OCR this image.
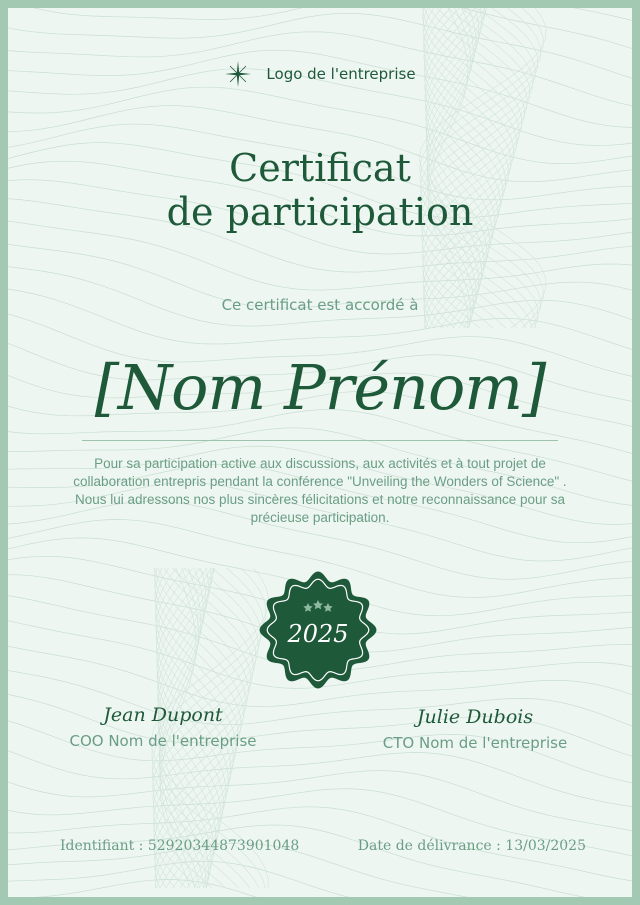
Logo de l'entreprise
Certificat
de participation
Ce certificat est accordé à
[Nom Prénom]
Pour sa participation active aux discussions, aux activités et à tout projet de collaboration entrepris pendant la conférence "Unveiling the Wonders of Science" . Nous lui adressons nos plus sincères félicitations et notre reconnaissance pour sa précieuse participation.
2025
Jean Dupont
COO Nom de l'entreprise
Julie Dubois
CTO Nom de l'entreprise
Identifiant : 52920344873901048	Date de délivrance : 13/03/2025
